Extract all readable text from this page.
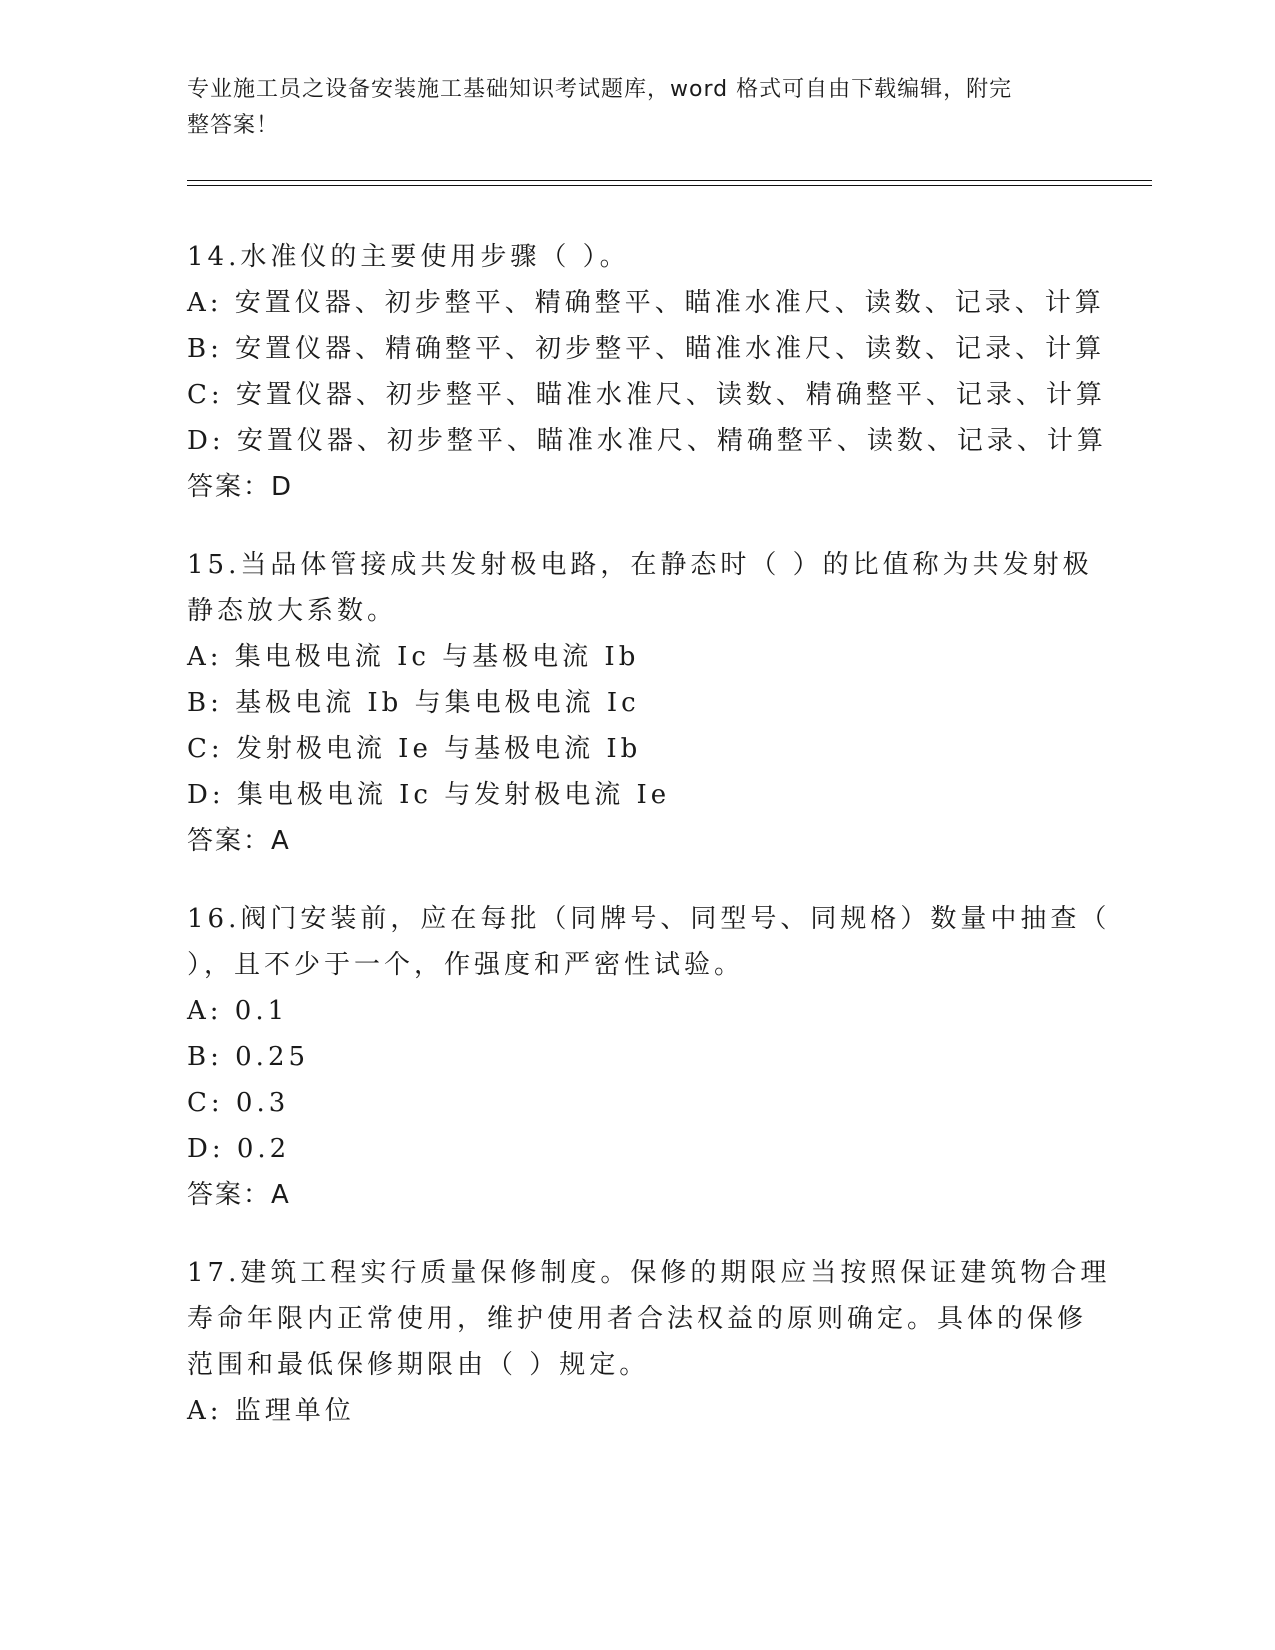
专业施工员之设备安装施工基础知识考试题库，word 格式可自由下载编辑，附完
整答案！
14.水准仪的主要使用步骤（ ）。
A: 安置仪器、初步整平、精确整平、瞄准水准尺、读数、记录、计算
B: 安置仪器、精确整平、初步整平、瞄准水准尺、读数、记录、计算
C: 安置仪器、初步整平、瞄准水准尺、读数、精确整平、记录、计算
D: 安置仪器、初步整平、瞄准水准尺、精确整平、读数、记录、计算
答案：D
15.当品体管接成共发射极电路，在静态时（ ）的比值称为共发射极
静态放大系数。
A: 集电极电流 Ic 与基极电流 Ib
B: 基极电流 Ib 与集电极电流 Ic
C: 发射极电流 Ie 与基极电流 Ib
D: 集电极电流 Ic 与发射极电流 Ie
答案：A
16.阀门安装前，应在每批（同牌号、同型号、同规格）数量中抽查（
），且不少于一个，作强度和严密性试验。
A: 0.1
B: 0.25
C: 0.3
D: 0.2
答案：A
17.建筑工程实行质量保修制度。保修的期限应当按照保证建筑物合理
寿命年限内正常使用，维护使用者合法权益的原则确定。具体的保修
范围和最低保修期限由（ ）规定。
A: 监理单位
